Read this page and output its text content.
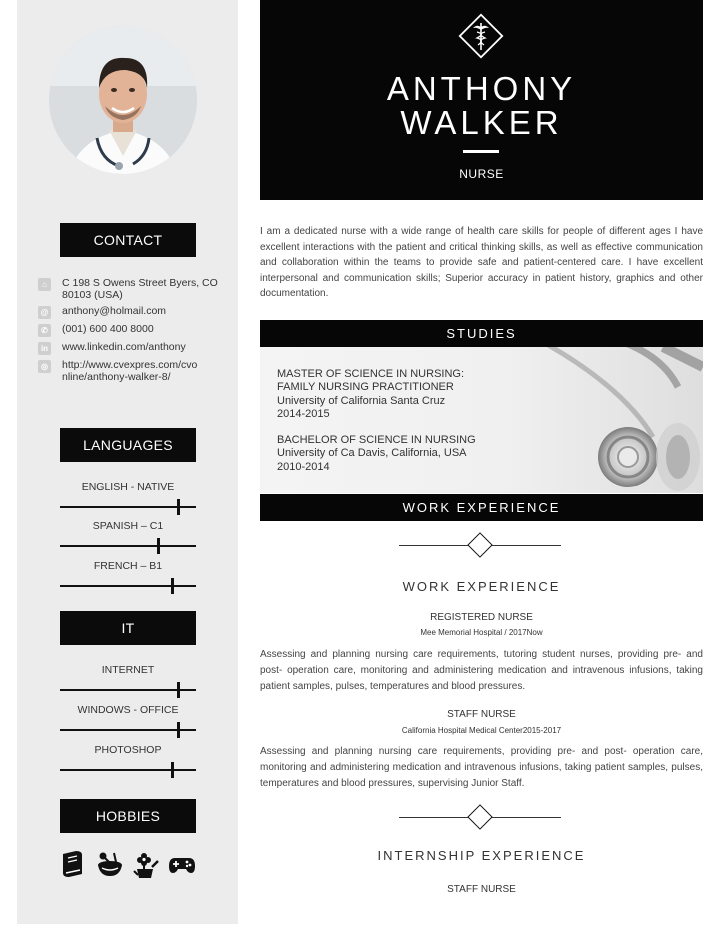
CONTACT
⌂	C 198 S Owens Street Byers, CO
80103 (USA)
@ anthony@holmail.com
✆	(001) 600 400 8000
in www.linkedin.com/anthony
◎ http://www.cvexpres.com/cvo
nline/anthony-walker-8/
LANGUAGES
ENGLISH - NATIVE
SPANISH – C1
FRENCH – B1
IT
INTERNET
WINDOWS - OFFICE
PHOTOSHOP
HOBBIES
ANTHONY
WALKER
NURSE
I am a dedicated nurse with a wide range of health care skills for people of different ages I have excellent interactions with the patient and critical thinking skills, as well as effective communication and collaboration within the teams to provide safe and patient-centered care. I have excellent interpersonal and communication skills; Superior accuracy in patient history, graphics and other documentation.
STUDIES
MASTER OF SCIENCE IN NURSING:
FAMILY NURSING PRACTITIONER
University of California Santa Cruz
2014-2015
BACHELOR OF SCIENCE IN NURSING
University of Ca Davis, California, USA
2010-2014
WORK EXPERIENCE
WORK EXPERIENCE
REGISTERED NURSE
Mee Memorial Hospital / 2017Now
Assessing and planning nursing care requirements, tutoring student nurses, providing pre- and post- operation care, monitoring and administering medication and intravenous infusions, taking patient samples, pulses, temperatures and blood pressures.
STAFF NURSE
California Hospital Medical Center2015-2017
Assessing and planning nursing care requirements, providing pre- and post- operation care, monitoring and administering medication and intravenous infusions, taking patient samples, pulses, temperatures and blood pressures, supervising Junior Staff.
INTERNSHIP EXPERIENCE
STAFF NURSE
